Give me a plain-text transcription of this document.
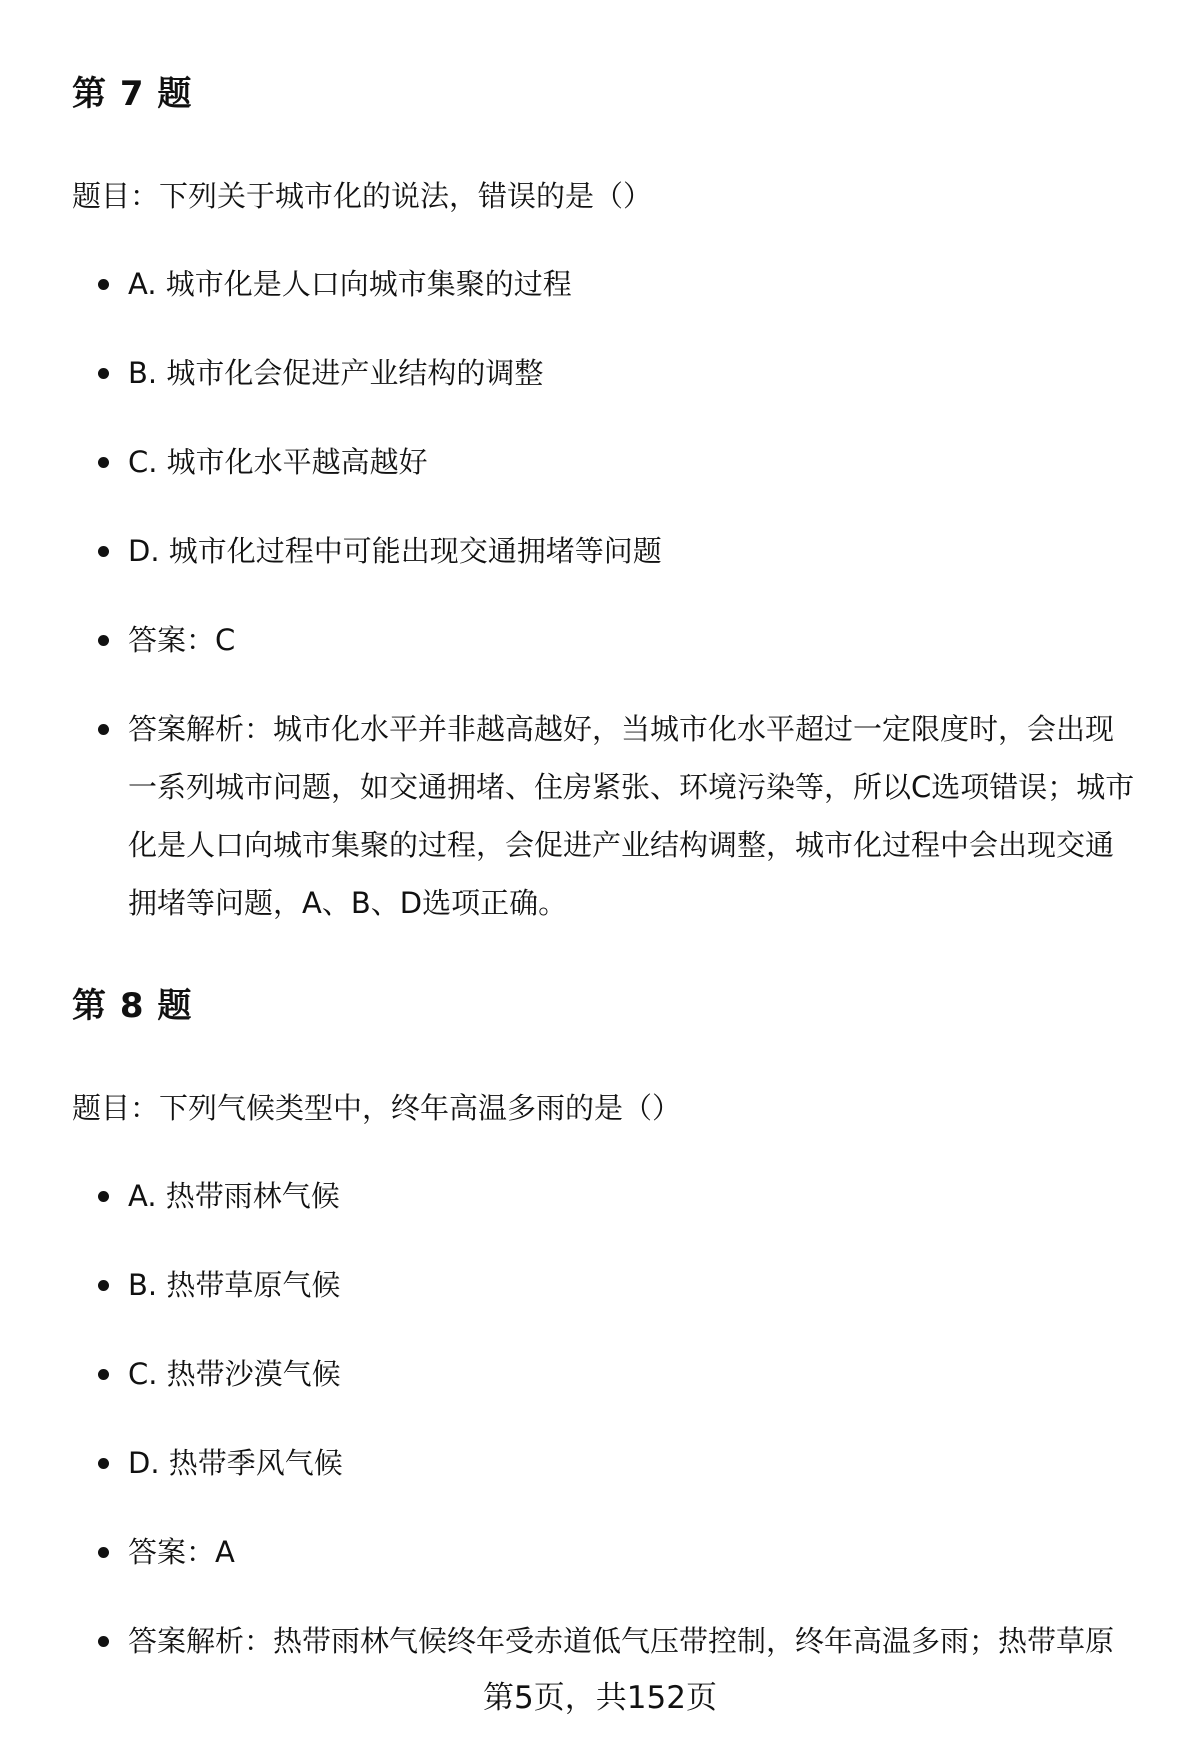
第 7 题

题目：下列关于城市化的说法，错误的是（）

A. 城市化是人口向城市集聚的过程
B. 城市化会促进产业结构的调整
C. 城市化水平越高越好
D. 城市化过程中可能出现交通拥堵等问题
答案：C
答案解析：城市化水平并非越高越好，当城市化水平超过一定限度时，会出现一系列城市问题，如交通拥堵、住房紧张、环境污染等，所以C选项错误；城市化是人口向城市集聚的过程，会促进产业结构调整，城市化过程中会出现交通拥堵等问题，A、B、D选项正确。
第 8 题

题目：下列气候类型中，终年高温多雨的是（）

A. 热带雨林气候
B. 热带草原气候
C. 热带沙漠气候
D. 热带季风气候
答案：A
答案解析：热带雨林气候终年受赤道低气压带控制，终年高温多雨；热带草原
第5页，共152页
